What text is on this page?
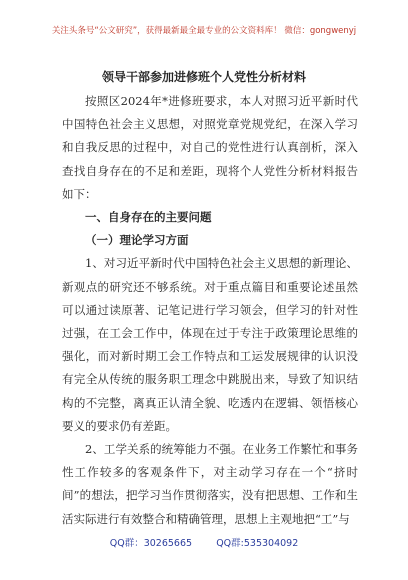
关注头条号“公文研究”，获得最新最全最专业的公文资料库！ 微信：gongwenyj
领导干部参加进修班个人党性分析材料

按照区2024年*进修班要求，本人对照习近平新时代中国特色社会主义思想，对照党章党规党纪，在深入学习和自我反思的过程中，对自己的党性进行认真剖析，深入查找自身存在的不足和差距，现将个人党性分析材料报告如下：

一、自身存在的主要问题

（一）理论学习方面

1、对习近平新时代中国特色社会主义思想的新理论、新观点的研究还不够系统。对于重点篇目和重要论述虽然可以通过读原著、记笔记进行学习领会，但学习的针对性过强，在工会工作中，体现在过于专注于政策理论思维的强化，而对新时期工会工作特点和工运发展规律的认识没有完全从传统的服务职工理念中跳脱出来，导致了知识结构的不完整，离真正认清全貌、吃透内在逻辑、领悟核心要义的要求仍有差距。

2、工学关系的统筹能力不强。在业务工作繁忙和事务性工作较多的客观条件下，对主动学习存在一个“挤时间”的想法，把学习当作贯彻落实，没有把思想、工作和生活实际进行有效整合和精确管理，思想上主观地把“工”与

QQ群：30265665        QQ群:535304092
